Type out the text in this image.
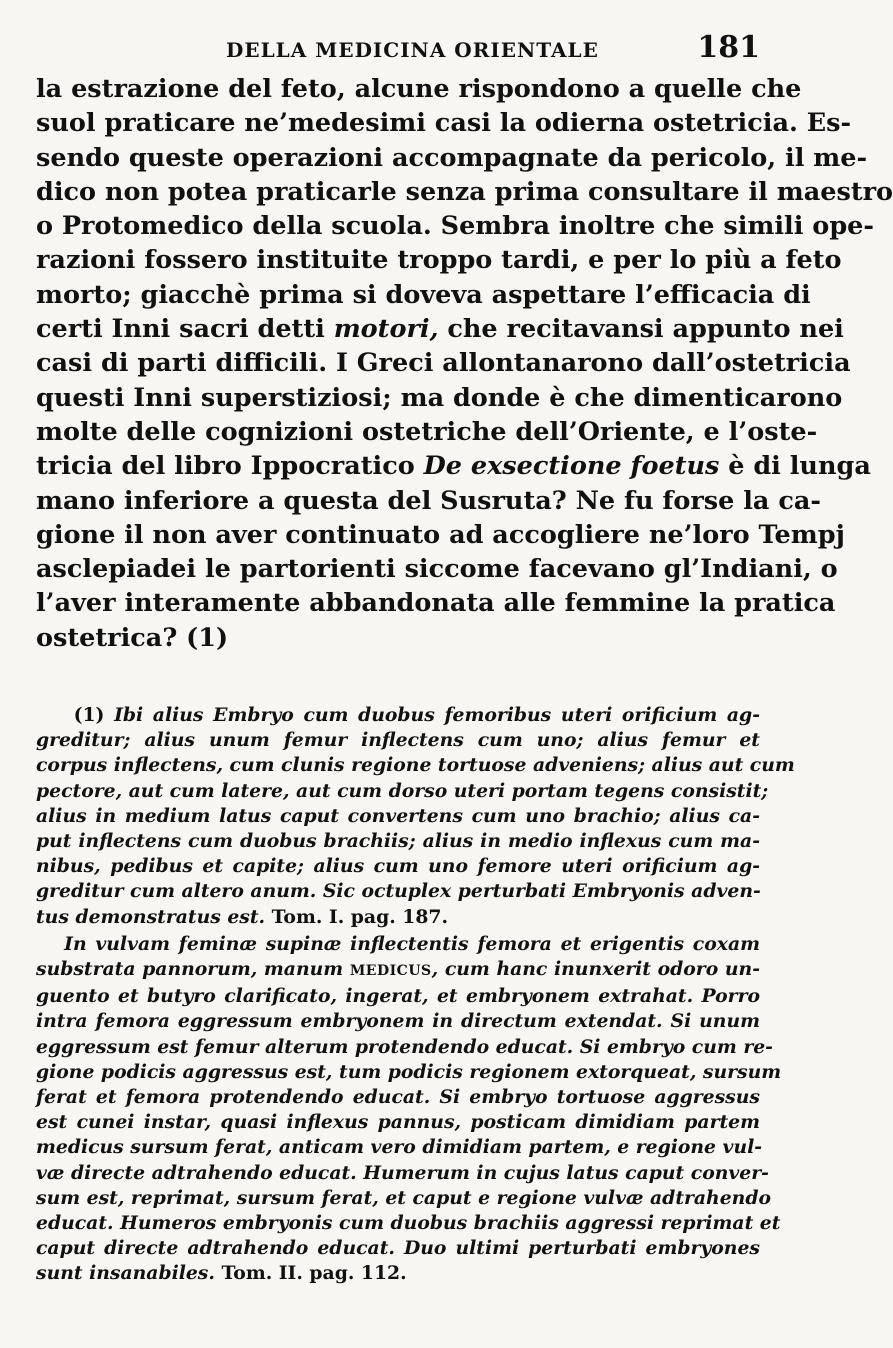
DELLA MEDICINA ORIENTALE	181

la estrazione del feto, alcune rispondono a quelle che
suol praticare ne’medesimi casi la odierna ostetricia. Es-
sendo queste operazioni accompagnate da pericolo, il me-
dico non potea praticarle senza prima consultare il maestro
o Protomedico della scuola. Sembra inoltre che simili ope-
razioni fossero instituite troppo tardi, e per lo più a feto
morto; giacchè prima si doveva aspettare l’efficacia di
certi Inni sacri detti motori, che recitavansi appunto nei
casi di parti difficili. I Greci allontanarono dall’ostetricia
questi Inni superstiziosi; ma donde è che dimenticarono
molte delle cognizioni ostetriche dell’Oriente, e l’oste-
tricia del libro Ippocratico De exsectione foetus è di lunga
mano inferiore a questa del Susruta? Ne fu forse la ca-
gione il non aver continuato ad accogliere ne’loro Tempj
asclepiadei le partorienti siccome facevano gl’Indiani, o
l’aver interamente abbandonata alle femmine la pratica
ostetrica? (1)

  (1) Ibi alius Embryo cum duobus femoribus uteri orificium ag-
greditur; alius unum femur inflectens cum uno; alius femur et
corpus inflectens, cum clunis regione tortuose adveniens; alius aut cum
pectore, aut cum latere, aut cum dorso uteri portam tegens consistit;
alius in medium latus caput convertens cum uno brachio; alius ca-
put inflectens cum duobus brachiis; alius in medio inflexus cum ma-
nibus, pedibus et capite; alius cum uno femore uteri orificium ag-
greditur cum altero anum. Sic octuplex perturbati Embryonis adven-
tus demonstratus est. Tom. I. pag. 187.

  In vulvam feminæ supinæ inflectentis femora et erigentis coxam
substrata pannorum, manum MEDICUS, cum hanc inunxerit odoro un-
guento et butyro clarificato, ingerat, et embryonem extrahat. Porro
intra femora eggressum embryonem in directum extendat. Si unum
eggressum est femur alterum protendendo educat. Si embryo cum re-
gione podicis aggressus est, tum podicis regionem extorqueat, sursum
ferat et femora protendendo educat. Si embryo tortuose aggressus
est cunei instar, quasi inflexus pannus, posticam dimidiam partem
medicus sursum ferat, anticam vero dimidiam partem, e regione vul-
væ directe adtrahendo educat. Humerum in cujus latus caput conver-
sum est, reprimat, sursum ferat, et caput e regione vulvæ adtrahendo
educat. Humeros embryonis cum duobus brachiis aggressi reprimat et
caput directe adtrahendo educat. Duo ultimi perturbati embryones
sunt insanabiles. Tom. II. pag. 112.
